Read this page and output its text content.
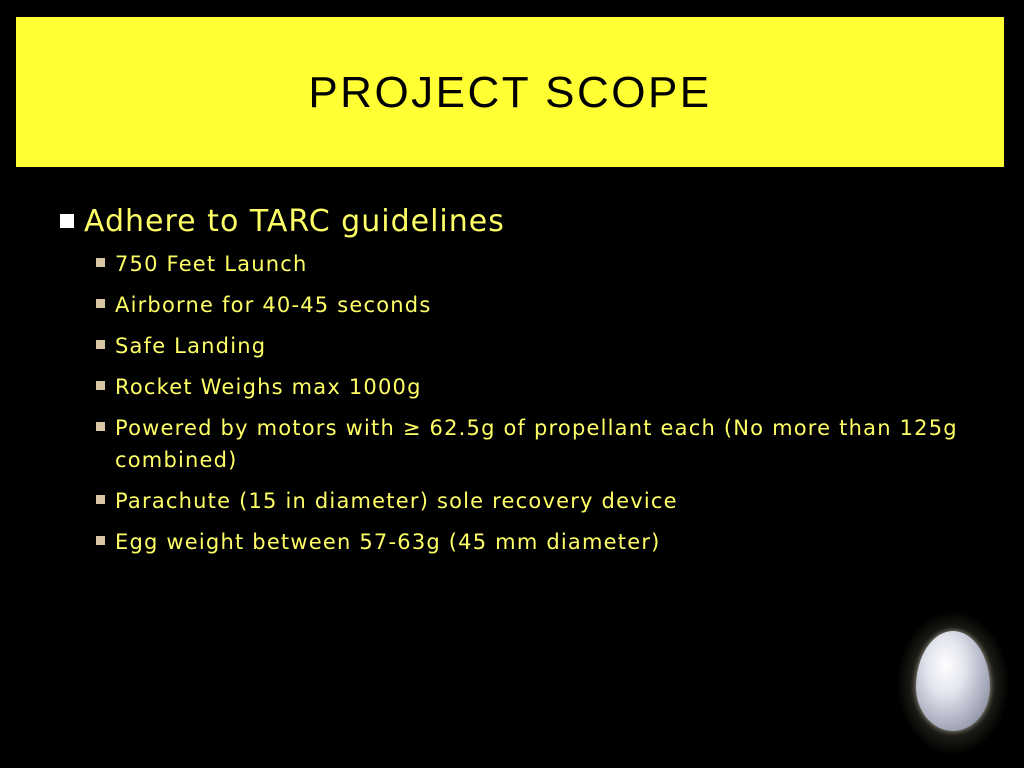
PROJECT SCOPE
Adhere to TARC guidelines
750 Feet Launch
Airborne for 40-45 seconds
Safe Landing
Rocket Weighs max 1000g
Powered by motors with ≥ 62.5g of propellant each (No more than 125g combined)
Parachute (15 in diameter) sole recovery device
Egg weight between 57-63g (45 mm diameter)
